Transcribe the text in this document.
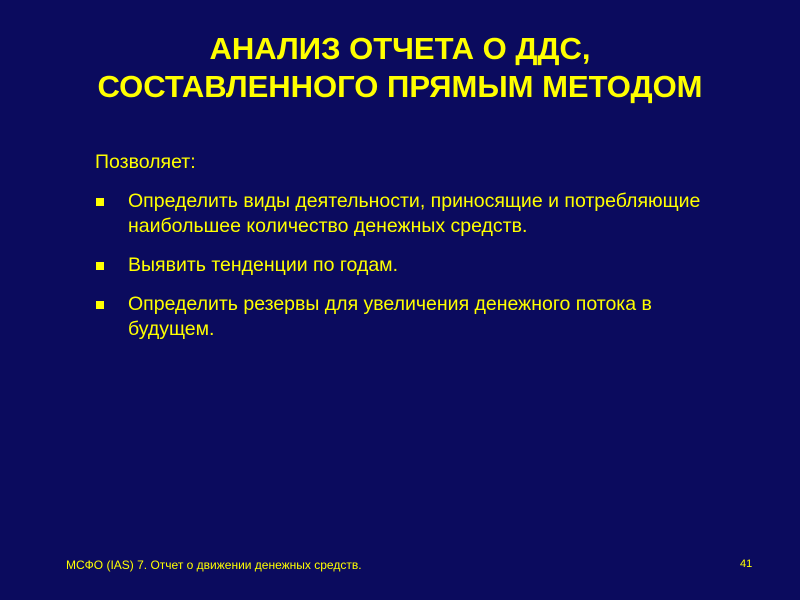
АНАЛИЗ ОТЧЕТА О ДДС,
СОСТАВЛЕННОГО ПРЯМЫМ МЕТОДОМ
Позволяет:
Определить виды деятельности, приносящие и потребляющие наибольшее количество денежных средств.
Выявить тенденции по годам.
Определить резервы для увеличения денежного потока в будущем.
МСФО (IAS) 7. Отчет о движении денежных средств.	41
